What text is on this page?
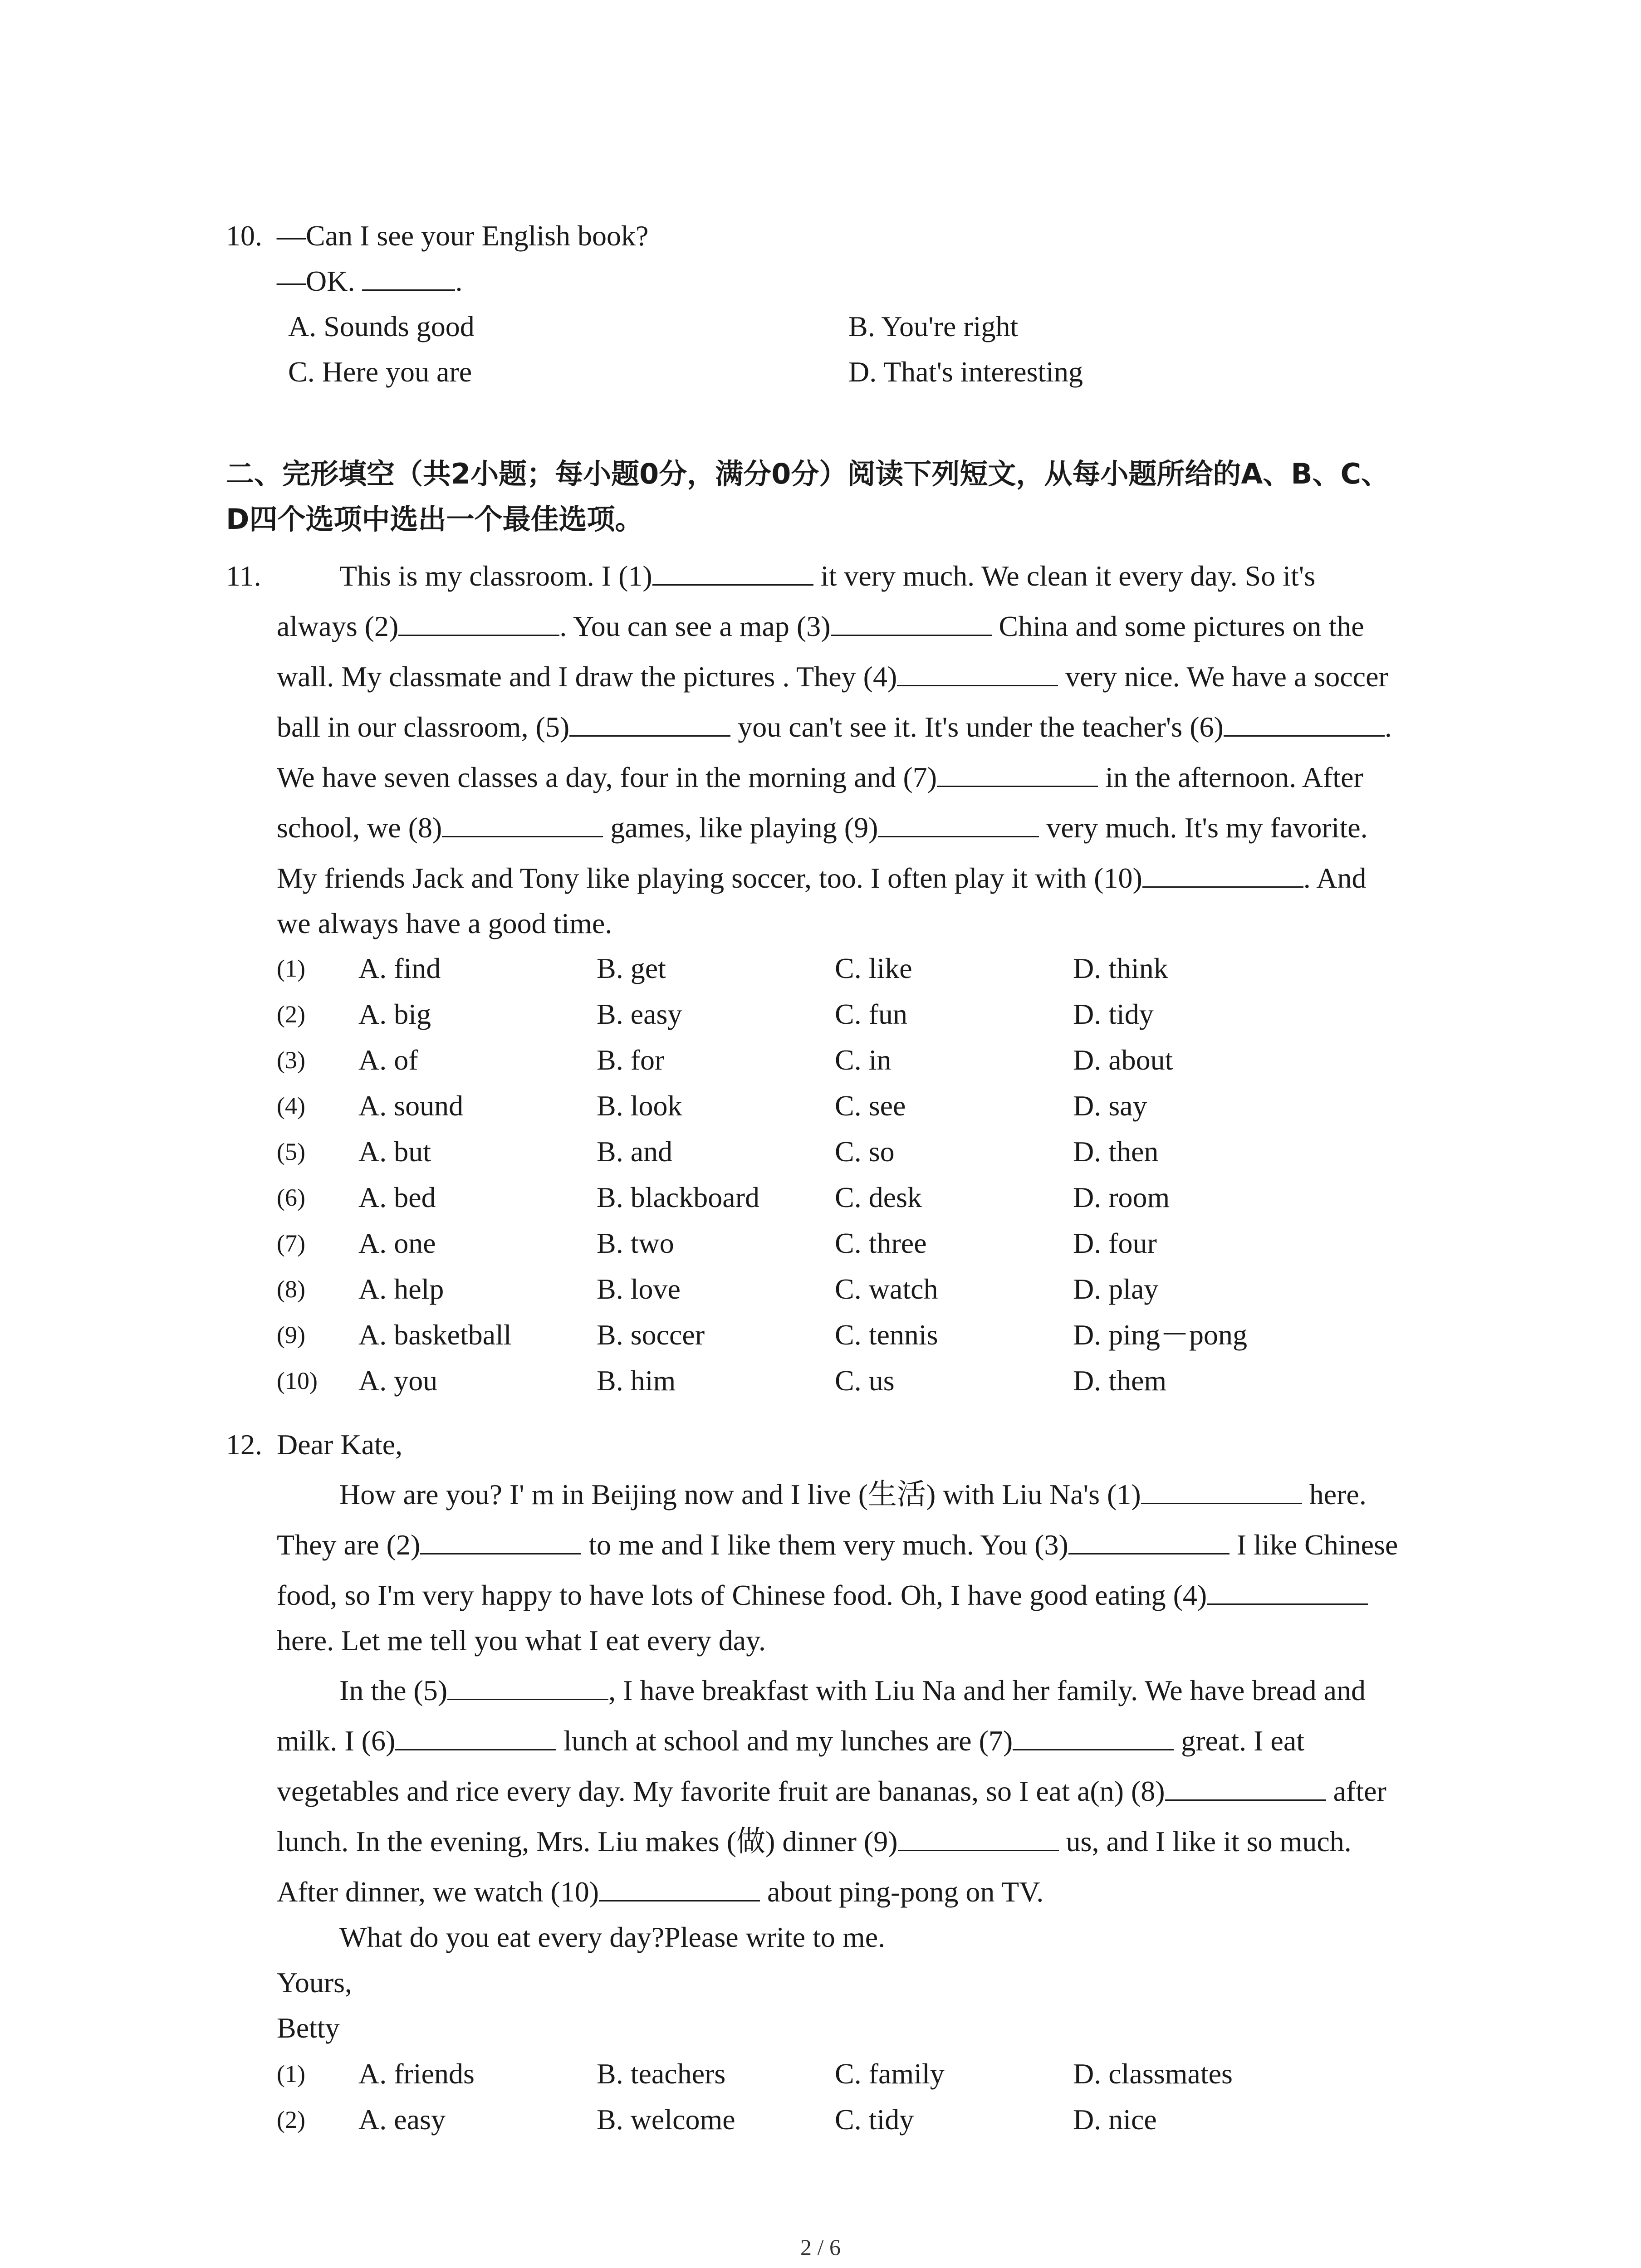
10. —Can I see your English book?
—OK.	.
A. Sounds good	B. You're right
C. Here you are	D. That's interesting
二、完形填空（共2小题；每小题0分，满分0分）阅读下列短文，从每小题所给的A、B、C、
D四个选项中选出一个最佳选项。
11.	This is my classroom. I (1)	it very much. We clean it every day. So it's
always (2)	. You can see a map (3)	China and some pictures on the
wall. My classmate and I draw the pictures . They (4)	very nice. We have a soccer
ball in our classroom, (5)	you can't see it. It's under the teacher's (6)	.
We have seven classes a day, four in the morning and (7)	in the afternoon. After
school, we (8)	games, like playing (9)	very much. It's my favorite.
My friends Jack and Tony like playing soccer, too. I often play it with (10)	. And
we always have a good time.
(1) A. find	B. get	C. like	D. think
(2) A. big	B. easy	C. fun	D. tidy
(3) A. of	B. for	C. in	D. about
(4) A. sound	B. look	C. see	D. say
(5) A. but	B. and	C. so	D. then
(6) A. bed	B. blackboard	C. desk	D. room
(7) A. one	B. two	C. three	D. four
(8) A. help	B. love	C. watch	D. play
(9) A. basketball	B. soccer	C. tennis	D. ping－pong
(10) A. you	B. him	C. us	D. them
12. Dear Kate,
How are you? I' m in Beijing now and I live (生活) with Liu Na's (1)	here.
They are (2)	to me and I like them very much. You (3)	I like Chinese
food, so I'm very happy to have lots of Chinese food. Oh, I have good eating (4)
here. Let me tell you what I eat every day.
In the (5)	, I have breakfast with Liu Na and her family. We have bread and
milk. I (6)	lunch at school and my lunches are (7)	great. I eat
vegetables and rice every day. My favorite fruit are bananas, so I eat a(n) (8)	after
lunch. In the evening, Mrs. Liu makes (做) dinner (9)	us, and I like it so much.
After dinner, we watch (10)	about ping-pong on TV.
What do you eat every day?Please write to me.
Yours,
Betty
(1) A. friends	B. teachers	C. family	D. classmates
(2) A. easy	B. welcome	C. tidy	D. nice
2 / 6
